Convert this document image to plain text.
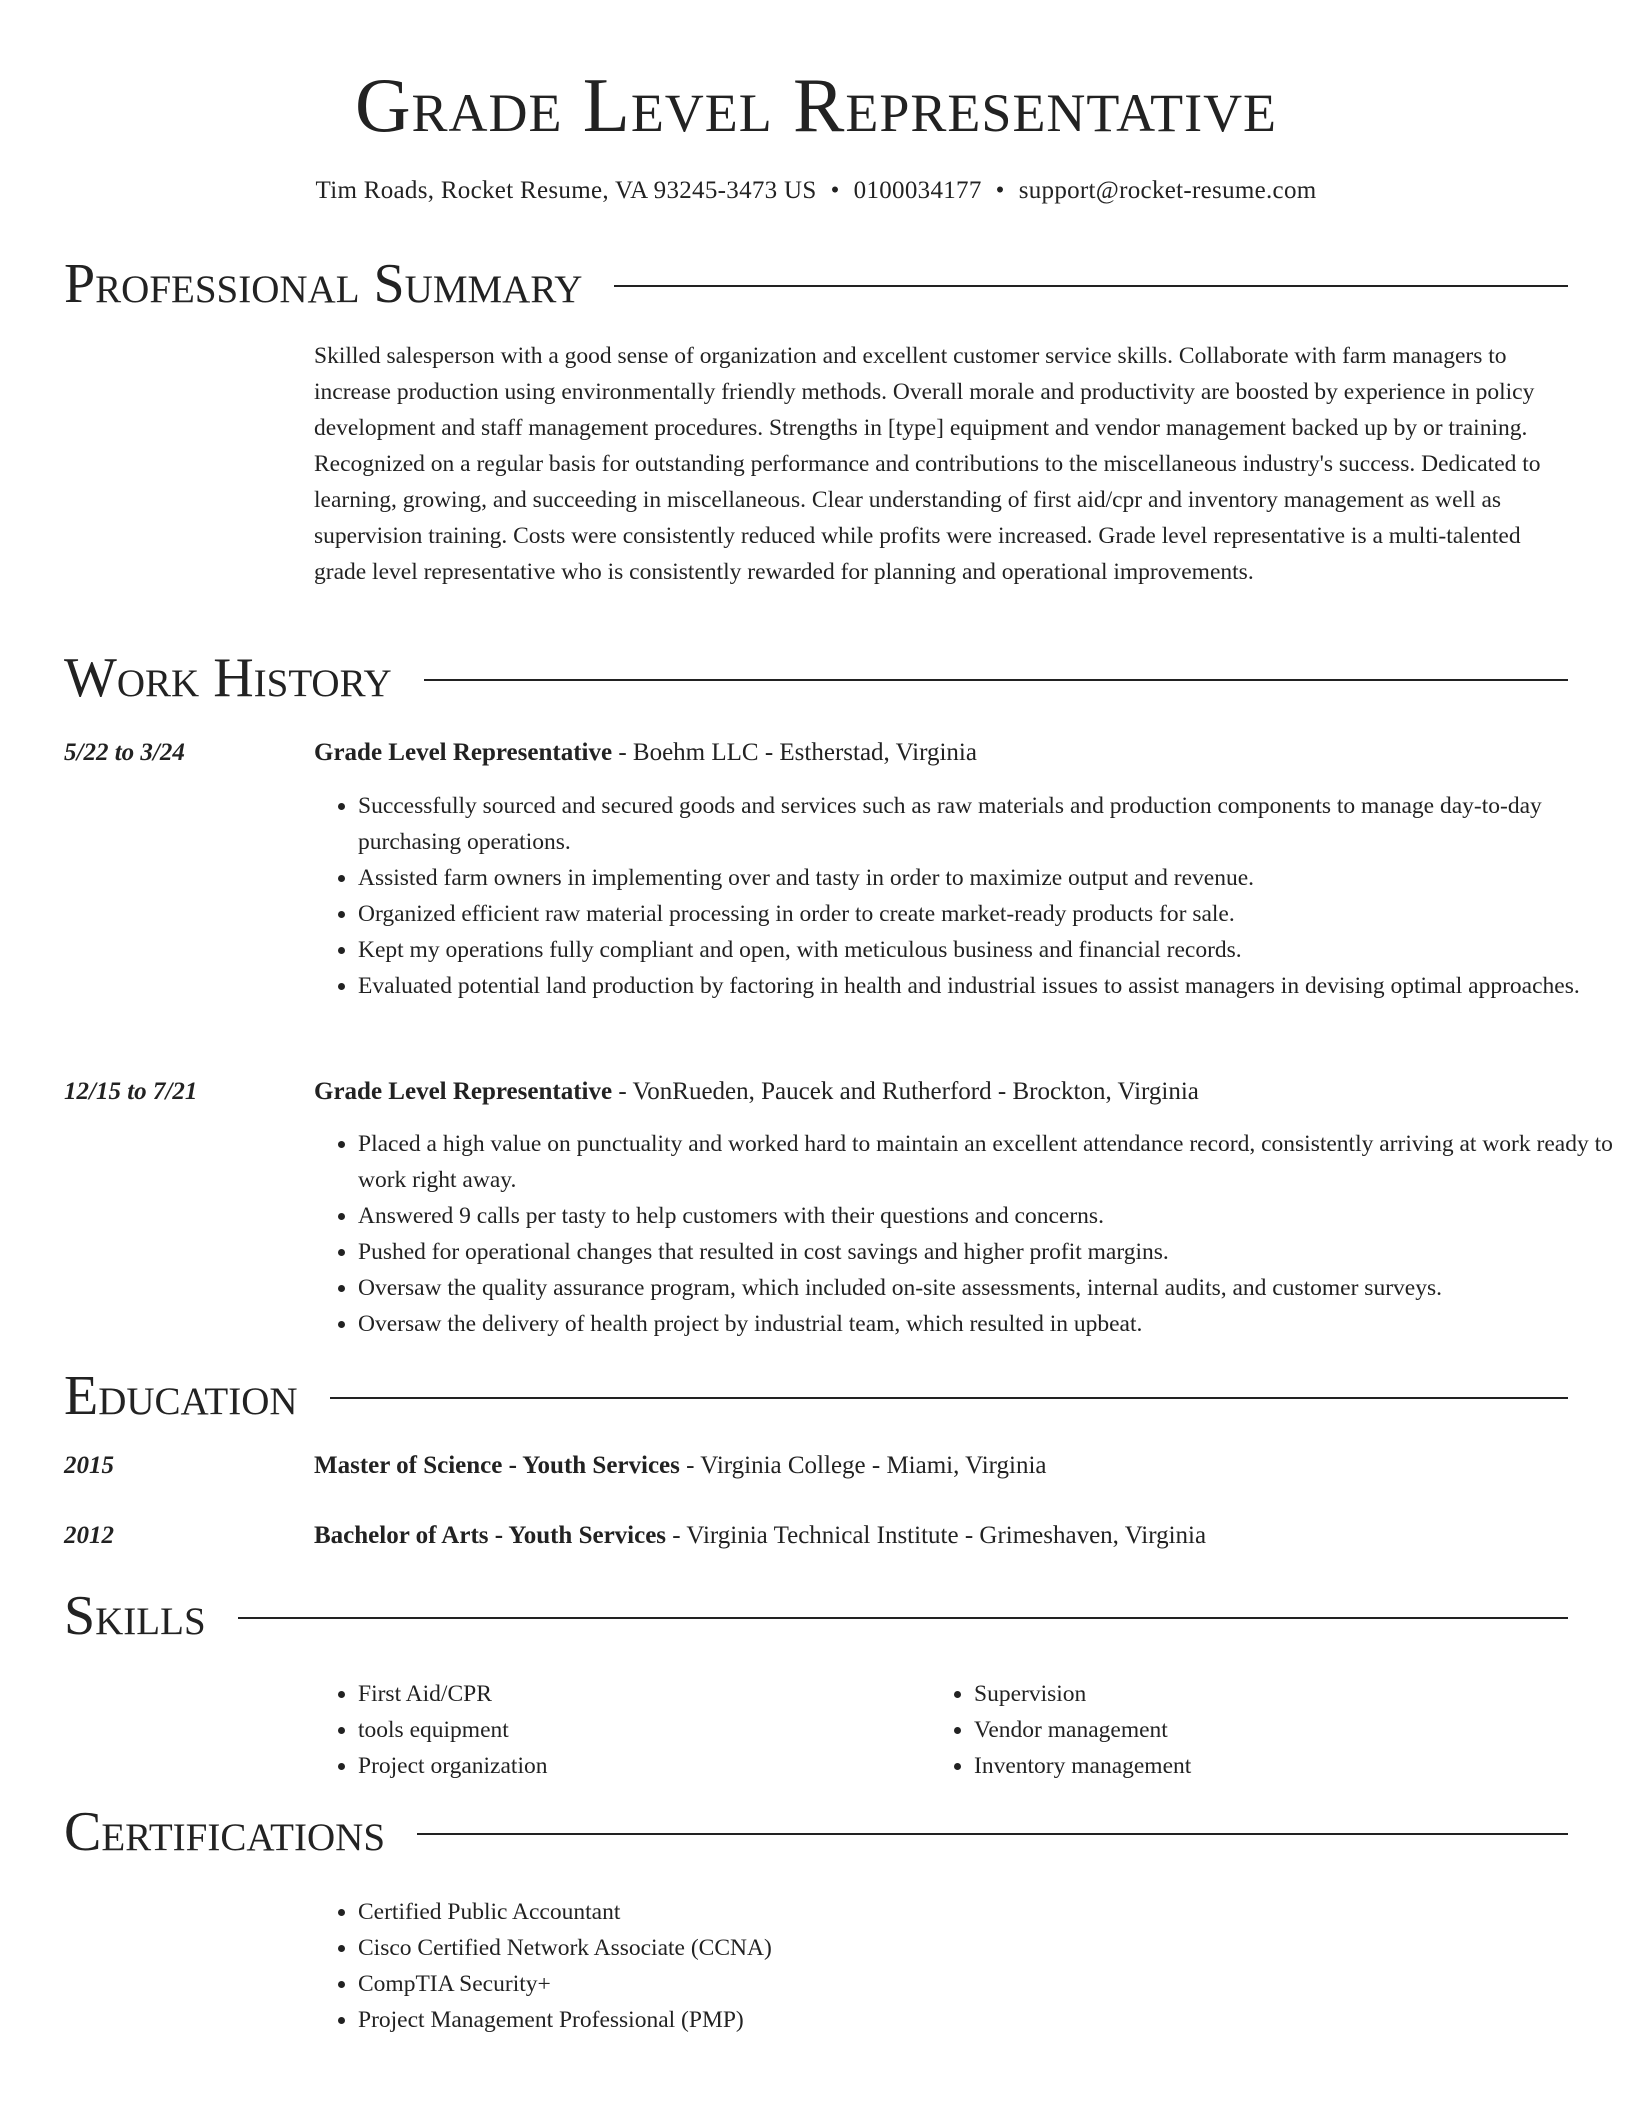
Grade Level Representative
Tim Roads, Rocket Resume, VA 93245-3473 US • 0100034177 • support@rocket-resume.com
Professional Summary

Skilled salesperson with a good sense of organization and excellent customer service skills. Collaborate with farm managers to increase production using environmentally friendly methods. Overall morale and productivity are boosted by experience in policy development and staff management procedures. Strengths in [type] equipment and vendor management backed up by or training. Recognized on a regular basis for outstanding performance and contributions to the miscellaneous industry's success. Dedicated to learning, growing, and succeeding in miscellaneous. Clear understanding of first aid/cpr and inventory management as well as supervision training. Costs were consistently reduced while profits were increased. Grade level representative is a multi-talented grade level representative who is consistently rewarded for planning and operational improvements.

Work History
5/22 to 3/24	Grade Level Representative - Boehm LLC - Estherstad, Virginia
• Successfully sourced and secured goods and services such as raw materials and production components to manage day-to-day purchasing operations.
• Assisted farm owners in implementing over and tasty in order to maximize output and revenue.
• Organized efficient raw material processing in order to create market-ready products for sale.
• Kept my operations fully compliant and open, with meticulous business and financial records.
• Evaluated potential land production by factoring in health and industrial issues to assist managers in devising optimal approaches.
12/15 to 7/21	Grade Level Representative - VonRueden, Paucek and Rutherford - Brockton, Virginia
• Placed a high value on punctuality and worked hard to maintain an excellent attendance record, consistently arriving at work ready to work right away.
• Answered 9 calls per tasty to help customers with their questions and concerns.
• Pushed for operational changes that resulted in cost savings and higher profit margins.
• Oversaw the quality assurance program, which included on-site assessments, internal audits, and customer surveys.
• Oversaw the delivery of health project by industrial team, which resulted in upbeat.
Education
2015	Master of Science - Youth Services - Virginia College - Miami, Virginia
2012	Bachelor of Arts - Youth Services - Virginia Technical Institute - Grimeshaven, Virginia
Skills
• First Aid/CPR
• tools equipment
• Project organization
• Supervision
• Vendor management
• Inventory management
Certifications
• Certified Public Accountant
• Cisco Certified Network Associate (CCNA)
• CompTIA Security+
• Project Management Professional (PMP)
